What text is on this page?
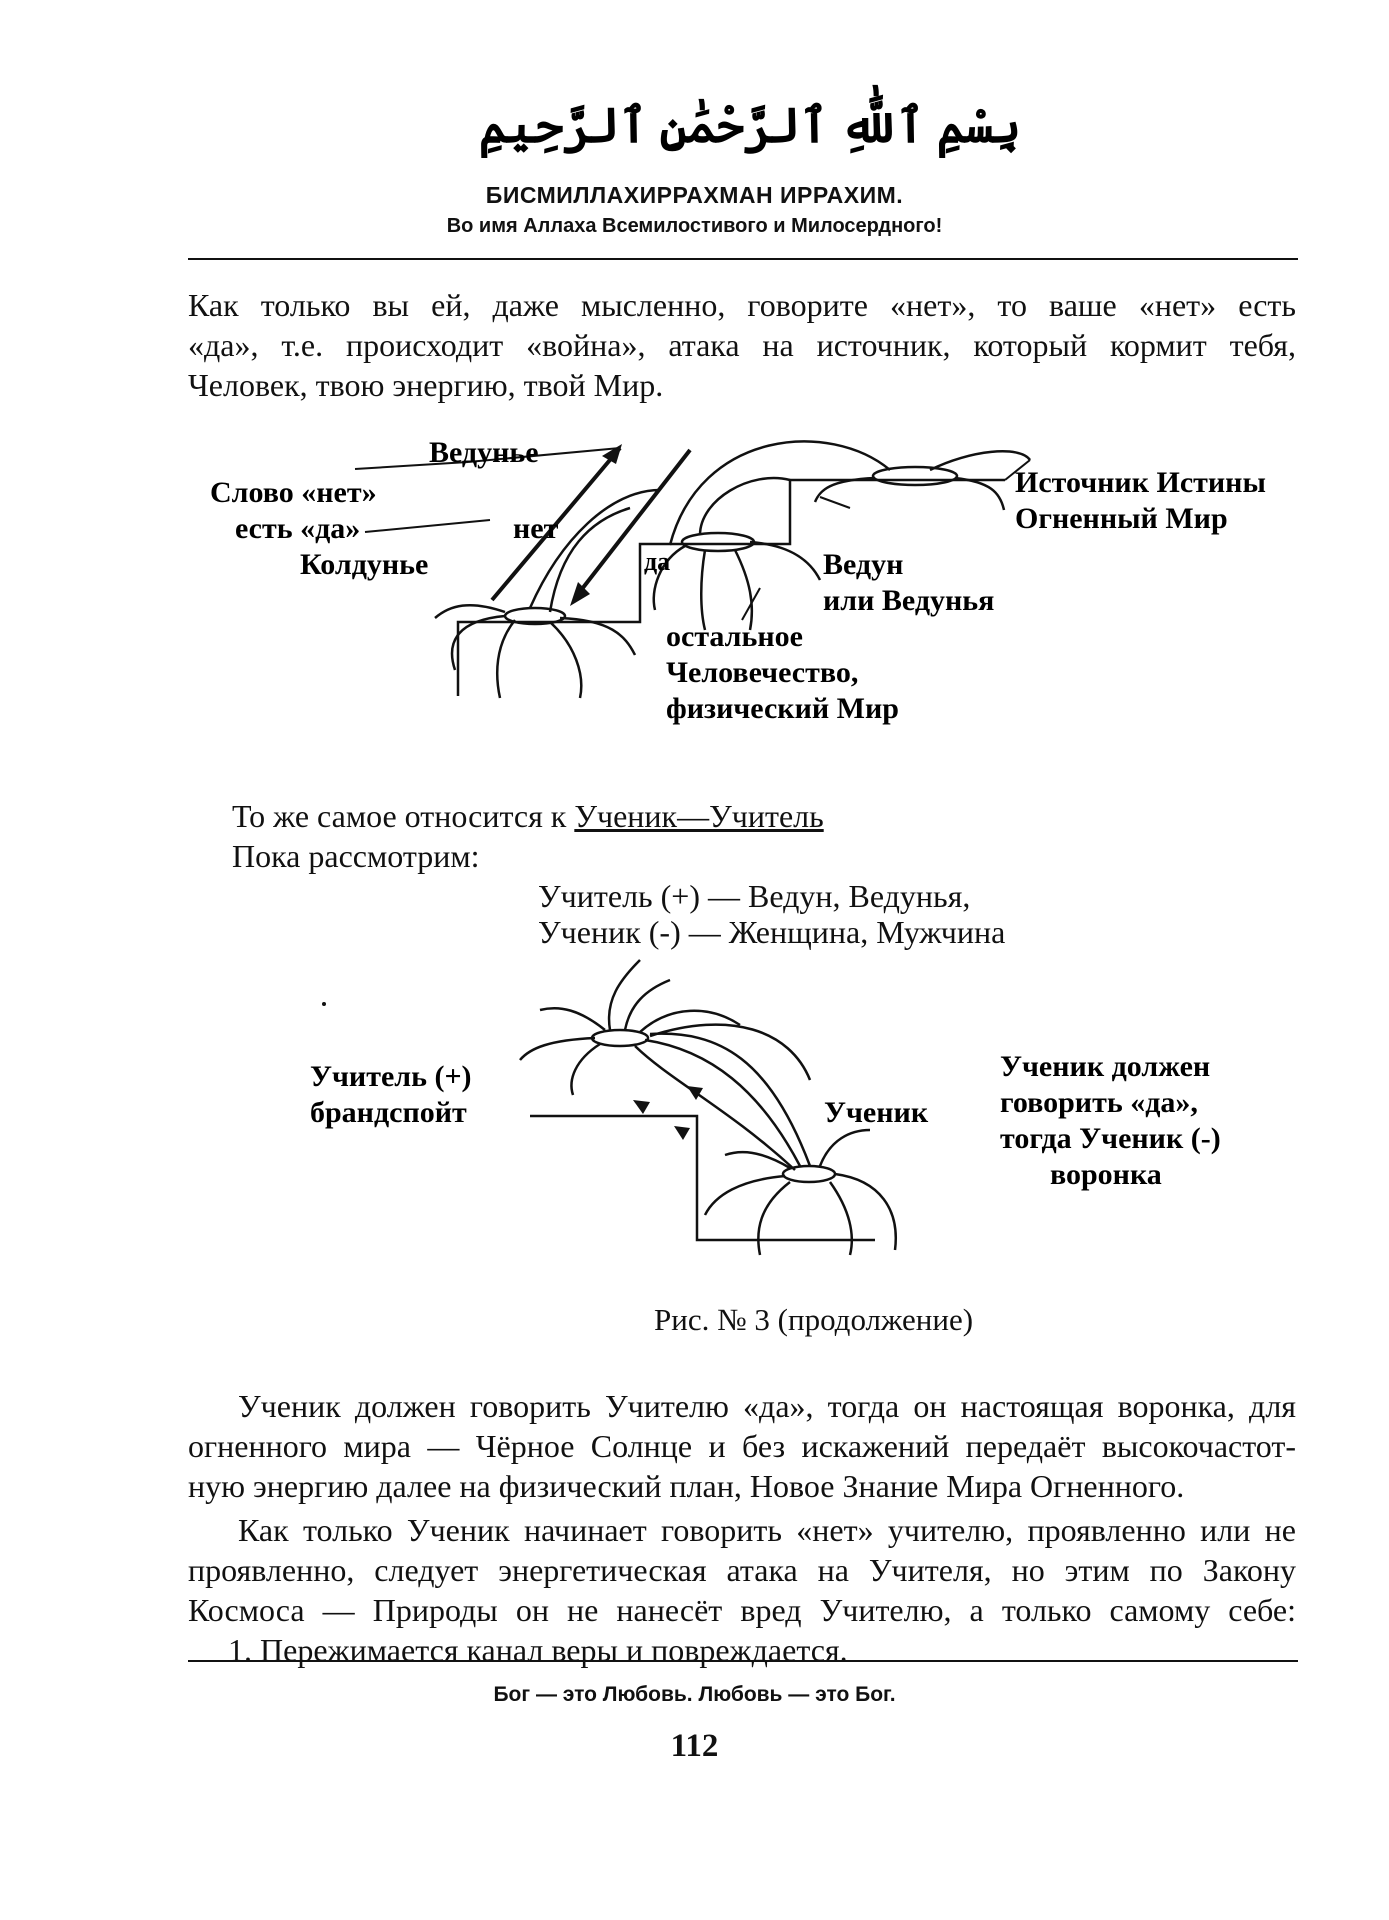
بِسْمِ ٱللَّٰهِ ٱلرَّحْمَٰنِ ٱلرَّحِيمِ
БИСМИЛЛАХИРРАХМАН ИРРАХИМ.
Во имя Аллаха Всемилостивого и Милосердного!
Как только вы ей, даже мысленно, говорите «нет», то ваше «нет» есть
«да», т.е. происходит «война», атака на источник, который кормит тебя,
Человек, твою энергию, твой Мир.
Ведунье
Слово «нет»
есть «да»
Колдунье
нет
да	Ведун
или Ведунья
Источник Истины
Огненный Мир
остальное
Человечество,
физический Мир
То же самое относится к Ученик—Учитель
Пока рассмотрим:
Учитель (+) — Ведун, Ведунья,
Ученик (-) — Женщина, Мужчина
Учитель (+)
брандспойт	Ученик
Ученик должен
говорить «да»,
тогда Ученик (-)
воронка
Рис. № 3 (продолжение)
Ученик должен говорить Учителю «да», тогда он настоящая воронка, для
огненного мира — Чёрное Солнце и без искажений передаёт высокочастот-
ную энергию далее на физический план, Новое Знание Мира Огненного.
Как только Ученик начинает говорить «нет» учителю, проявленно или не
проявленно, следует энергетическая атака на Учителя, но этим по Закону
Космоса — Природы он не нанесёт вред Учителю, а только самому себе:
1. Пережимается канал веры и повреждается.
Бог — это Любовь. Любовь — это Бог.
112
